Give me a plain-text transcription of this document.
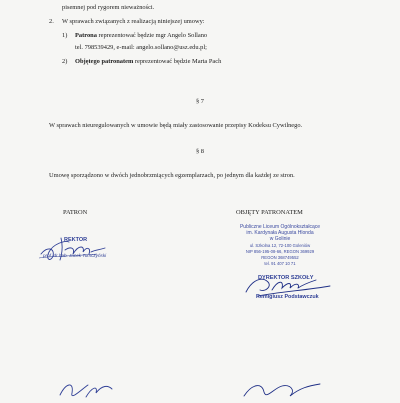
pisemnej pod rygorem nieważności.
2. W sprawach związanych z realizacją niniejszej umowy:
1) Patrona reprezentować będzie mgr Angelo Sollano
tel. 798539429, e-mail: angelo.sollano@usz.edu.pl;
2) Objętego patronatem reprezentować będzie Marta Pach
§ 7
W sprawach nieuregulowanych w umowie będą miały zastosowanie przepisy Kodeksu Cywilnego.
§ 8
Umowę sporządzono w dwóch jednobrzmiących egzemplarzach, po jednym dla każdej ze stron.
PATRON	OBJĘTY PATRONATEM
REKTOR
prof. dr hab. Jacek Tomczyński
Publiczne Liceum Ogólnokształcące
im. Kardynała Augusta Hlonda
w Golinie
ul. Szkolna 12, 72-100 Goleniów
NIP 856-195-08-66, REGON 369929
REGON 368749552
tel. 91 407 10 71
DYREKTOR SZKOŁY
Remigiusz Podstawczuk
